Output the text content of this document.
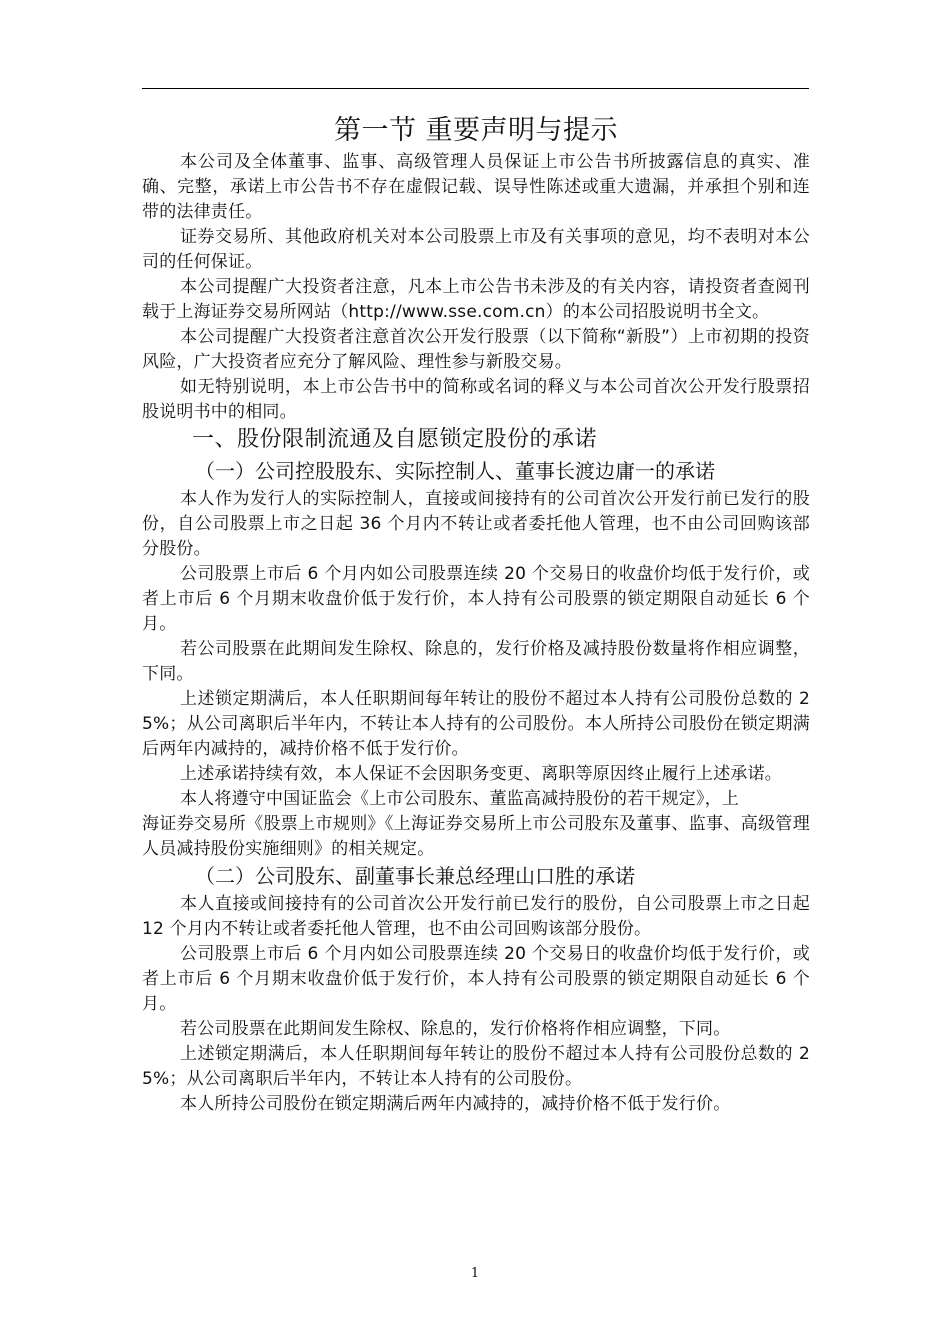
第一节 重要声明与提示

本公司及全体董事、监事、高级管理人员保证上市公告书所披露信息的真实、准确、完整，承诺上市公告书不存在虚假记载、误导性陈述或重大遗漏，并承担个别和连带的法律责任。

证券交易所、其他政府机关对本公司股票上市及有关事项的意见，均不表明对本公司的任何保证。

本公司提醒广大投资者注意，凡本上市公告书未涉及的有关内容，请投资者查阅刊载于上海证券交易所网站（http://www.sse.com.cn）的本公司招股说明书全文。

本公司提醒广大投资者注意首次公开发行股票（以下简称“新股”）上市初期的投资风险，广大投资者应充分了解风险、理性参与新股交易。

如无特别说明，本上市公告书中的简称或名词的释义与本公司首次公开发行股票招股说明书中的相同。

一、股份限制流通及自愿锁定股份的承诺
（一）公司控股股东、实际控制人、董事长渡边庸一的承诺

本人作为发行人的实际控制人，直接或间接持有的公司首次公开发行前已发行的股份，自公司股票上市之日起 36 个月内不转让或者委托他人管理，也不由公司回购该部分股份。

公司股票上市后 6 个月内如公司股票连续 20 个交易日的收盘价均低于发行价，或者上市后 6 个月期末收盘价低于发行价，本人持有公司股票的锁定期限自动延长 6 个月。

若公司股票在此期间发生除权、除息的，发行价格及减持股份数量将作相应调整，下同。

上述锁定期满后，本人任职期间每年转让的股份不超过本人持有公司股份总数的 25%；从公司离职后半年内，不转让本人持有的公司股份。本人所持公司股份在锁定期满后两年内减持的，减持价格不低于发行价。

上述承诺持续有效，本人保证不会因职务变更、离职等原因终止履行上述承诺。

本人将遵守中国证监会《上市公司股东、董监高减持股份的若干规定》，上

海证券交易所《股票上市规则》《上海证券交易所上市公司股东及董事、监事、高级管理人员减持股份实施细则》的相关规定。

（二）公司股东、副董事长兼总经理山口胜的承诺

本人直接或间接持有的公司首次公开发行前已发行的股份，自公司股票上市之日起 12 个月内不转让或者委托他人管理，也不由公司回购该部分股份。

公司股票上市后 6 个月内如公司股票连续 20 个交易日的收盘价均低于发行价，或者上市后 6 个月期末收盘价低于发行价，本人持有公司股票的锁定期限自动延长 6 个月。

若公司股票在此期间发生除权、除息的，发行价格将作相应调整，下同。

上述锁定期满后，本人任职期间每年转让的股份不超过本人持有公司股份总数的 25%；从公司离职后半年内，不转让本人持有的公司股份。

本人所持公司股份在锁定期满后两年内减持的，减持价格不低于发行价。

1
